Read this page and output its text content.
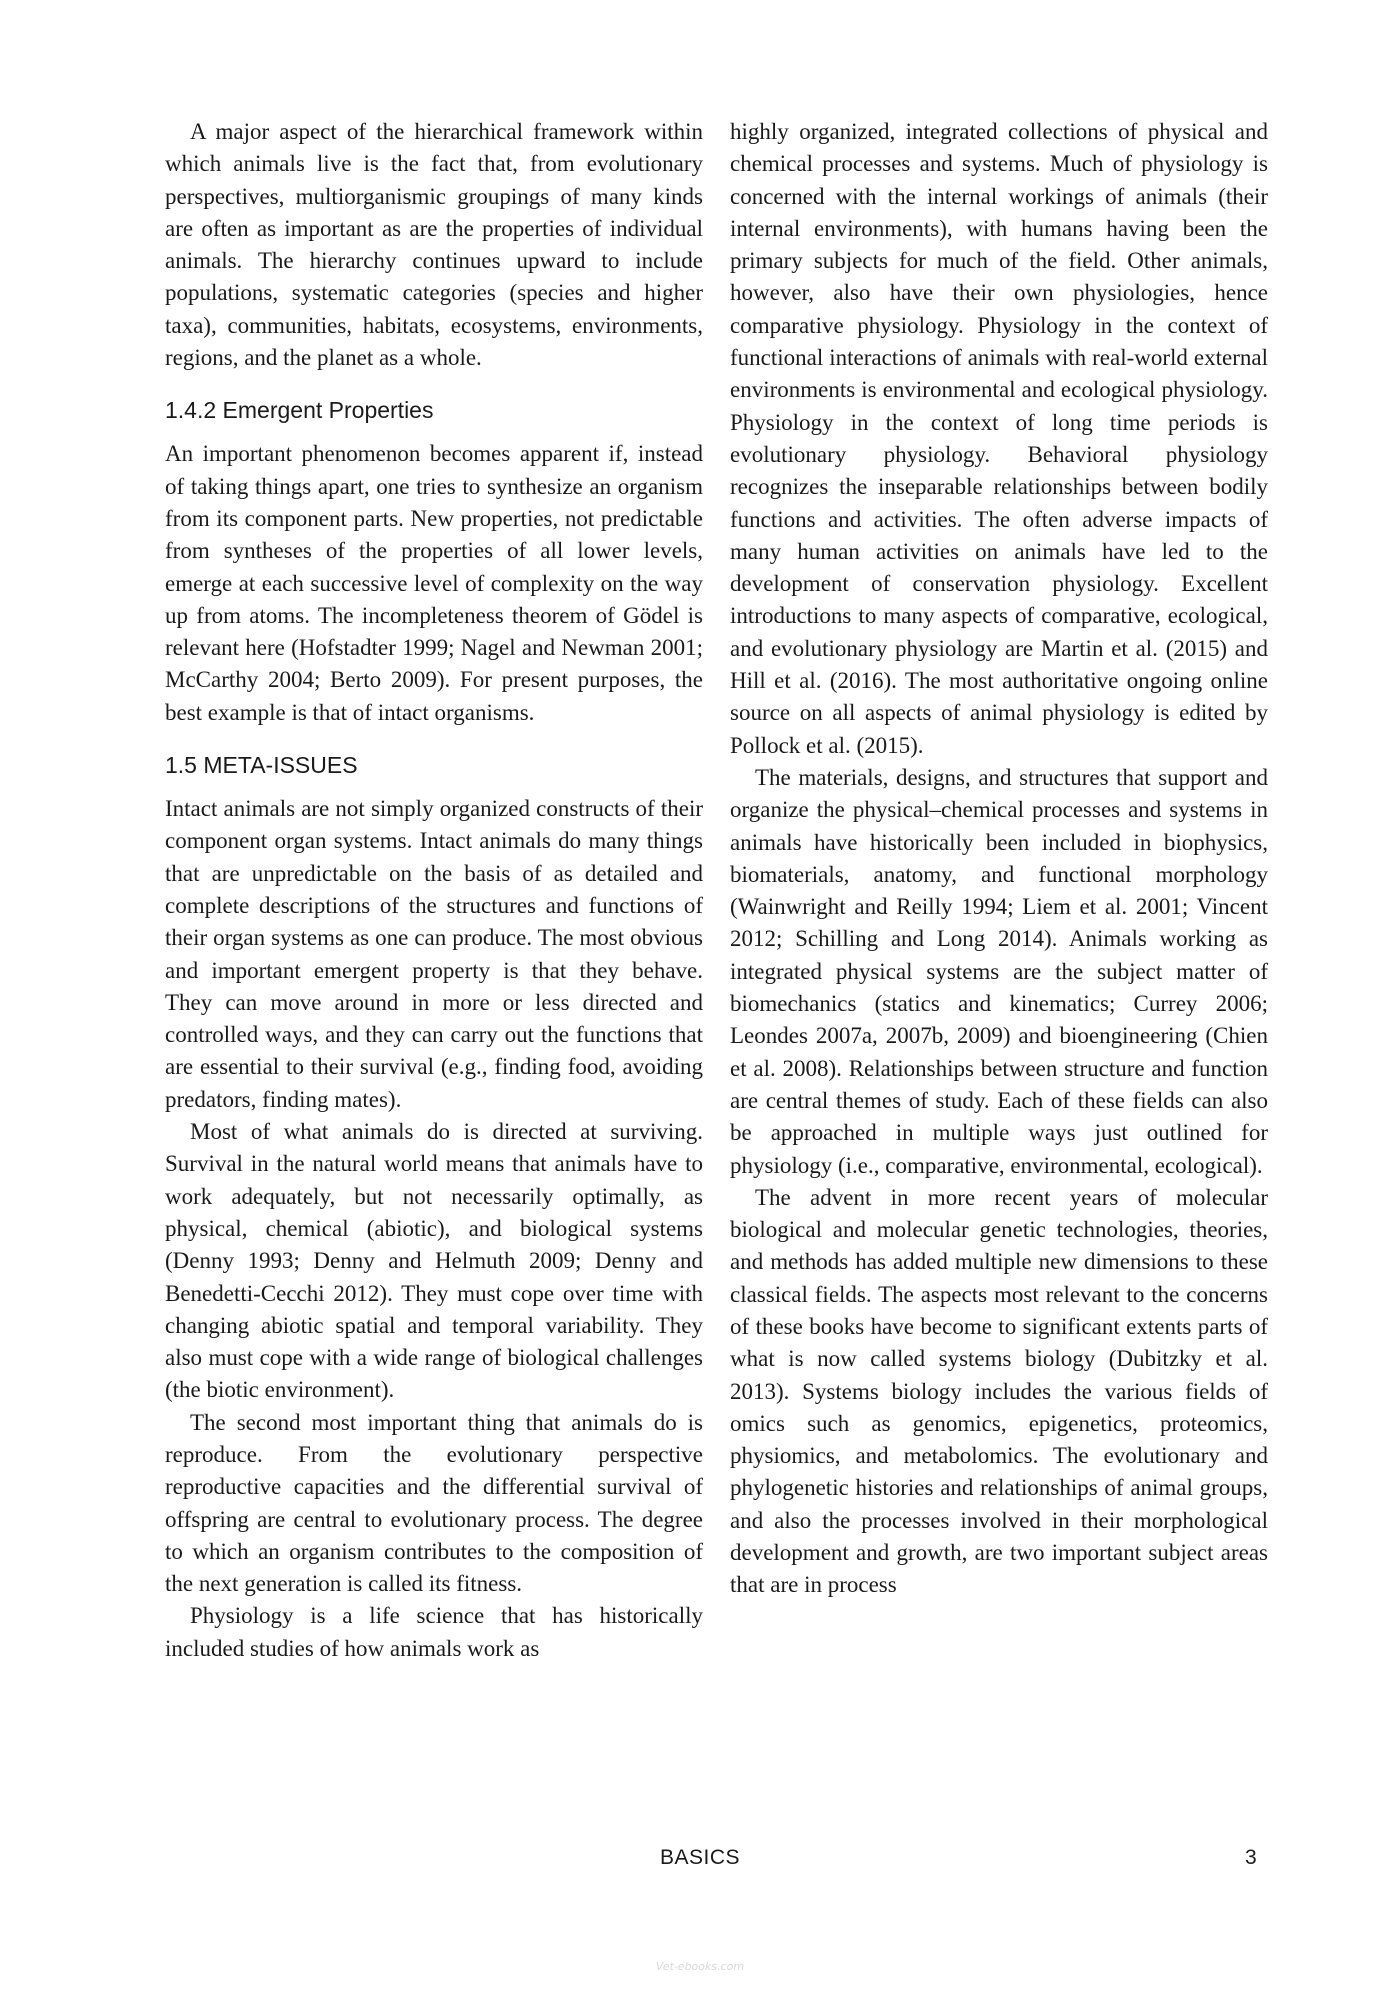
A major aspect of the hierarchical framework within which animals live is the fact that, from evolutionary perspectives, multiorganismic groupings of many kinds are often as important as are the properties of individual animals. The hierarchy continues upward to include populations, systematic categories (species and higher taxa), communities, habitats, ecosystems, environments, regions, and the planet as a whole.

1.4.2 Emergent Properties

An important phenomenon becomes apparent if, instead of taking things apart, one tries to synthesize an organism from its component parts. New properties, not predictable from syntheses of the properties of all lower levels, emerge at each successive level of complexity on the way up from atoms. The incompleteness theorem of Gödel is relevant here (Hofstadter 1999; Nagel and Newman 2001; McCarthy 2004; Berto 2009). For present purposes, the best example is that of intact organisms.

1.5 META-ISSUES

Intact animals are not simply organized constructs of their component organ systems. Intact animals do many things that are unpredictable on the basis of as detailed and complete descriptions of the structures and functions of their organ systems as one can produce. The most obvious and important emergent property is that they behave. They can move around in more or less directed and controlled ways, and they can carry out the functions that are essential to their survival (e.g., finding food, avoiding predators, finding mates).

Most of what animals do is directed at surviving. Survival in the natural world means that animals have to work adequately, but not necessarily optimally, as physical, chemical (abiotic), and biological systems (Denny 1993; Denny and Helmuth 2009; Denny and Benedetti-Cecchi 2012). They must cope over time with changing abiotic spatial and temporal variability. They also must cope with a wide range of biological challenges (the biotic environment).

The second most important thing that animals do is reproduce. From the evolutionary perspective reproductive capacities and the differential survival of offspring are central to evolutionary process. The degree to which an organism contributes to the composition of the next generation is called its fitness.

Physiology is a life science that has historically included studies of how animals work as

highly organized, integrated collections of physical and chemical processes and systems. Much of physiology is concerned with the internal workings of animals (their internal environments), with humans having been the primary subjects for much of the field. Other animals, however, also have their own physiologies, hence comparative physiology. Physiology in the context of functional interactions of animals with real-world external environments is environmental and ecological physiology. Physiology in the context of long time periods is evolutionary physiology. Behavioral physiology recognizes the inseparable relationships between bodily functions and activities. The often adverse impacts of many human activities on animals have led to the development of conservation physiology. Excellent introductions to many aspects of comparative, ecological, and evolutionary physiology are Martin et al. (2015) and Hill et al. (2016). The most authoritative ongoing online source on all aspects of animal physiology is edited by Pollock et al. (2015).

The materials, designs, and structures that support and organize the physical–chemical processes and systems in animals have historically been included in biophysics, biomaterials, anatomy, and functional morphology (Wainwright and Reilly 1994; Liem et al. 2001; Vincent 2012; Schilling and Long 2014). Animals working as integrated physical systems are the subject matter of biomechanics (statics and kinematics; Currey 2006; Leondes 2007a, 2007b, 2009) and bioengineering (Chien et al. 2008). Relationships between structure and function are central themes of study. Each of these fields can also be approached in multiple ways just outlined for physiology (i.e., comparative, environmental, ecological).

The advent in more recent years of molecular biological and molecular genetic technologies, theories, and methods has added multiple new dimensions to these classical fields. The aspects most relevant to the concerns of these books have become to significant extents parts of what is now called systems biology (Dubitzky et al. 2013). Systems biology includes the various fields of omics such as genomics, epigenetics, proteomics, physiomics, and metabolomics. The evolutionary and phylogenetic histories and relationships of animal groups, and also the processes involved in their morphological development and growth, are two important subject areas that are in process

BASICS	3
Vet-ebooks.com
